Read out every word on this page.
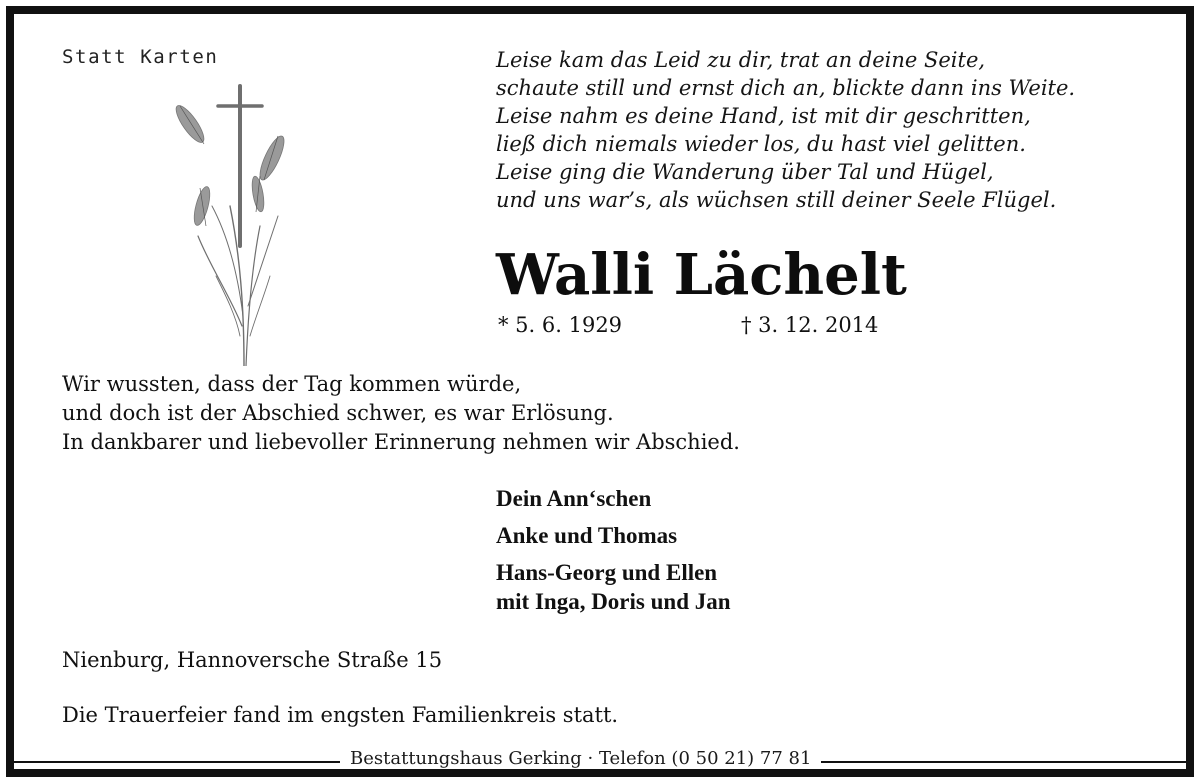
Statt Karten	Leise kam das Leid zu dir, trat an deine Seite,
schaute still und ernst dich an, blickte dann ins Weite.
Leise nahm es deine Hand, ist mit dir geschritten,
ließ dich niemals wieder los, du hast viel gelitten.
Leise ging die Wanderung über Tal und Hügel,
und uns war’s, als wüchsen still deiner Seele Flügel.
Walli Lächelt
* 5. 6. 1929	† 3. 12. 2014
Wir wussten, dass der Tag kommen würde,
und doch ist der Abschied schwer, es war Erlösung.
In dankbarer und liebevoller Erinnerung nehmen wir Abschied.
Dein Ann‘schen
Anke und Thomas
Hans-Georg und Ellen
mit Inga, Doris und Jan
Nienburg, Hannoversche Straße 15
Die Trauerfeier fand im engsten Familienkreis statt.
Bestattungshaus Gerking · Telefon (0 50 21) 77 81
